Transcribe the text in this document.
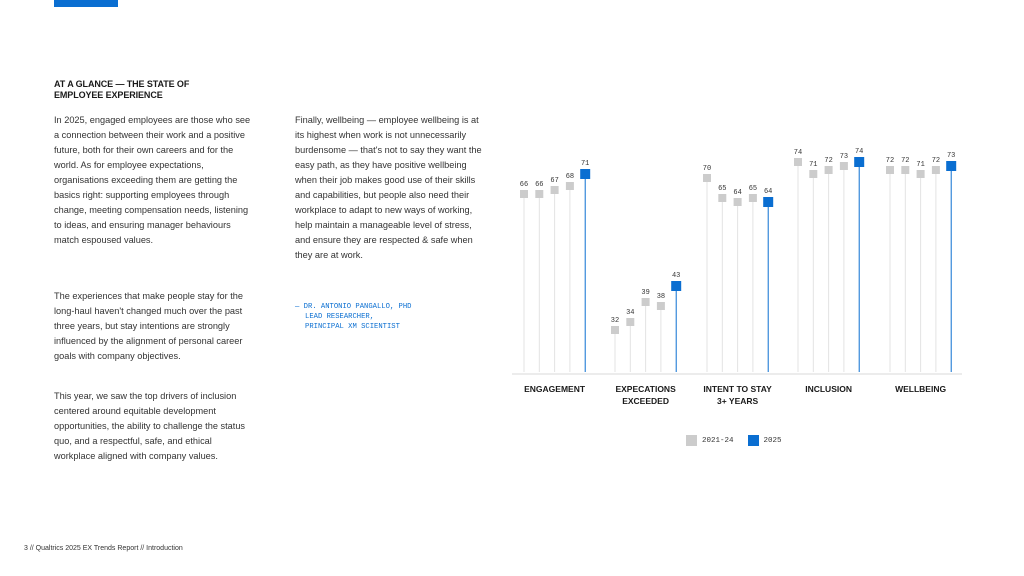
AT A GLANCE — THE STATE OF EMPLOYEE EXPERIENCE
In 2025, engaged employees are those who see a connection between their work and a positive future, both for their own careers and for the world. As for employee expectations, organisations exceeding them are getting the basics right: supporting employees through change, meeting compensation needs, listening to ideas, and ensuring manager behaviours match espoused values.
The experiences that make people stay for the long-haul haven't changed much over the past three years, but stay intentions are strongly influenced by the alignment of personal career goals with company objectives.
This year, we saw the top drivers of inclusion centered around equitable development opportunities, the ability to challenge the status quo, and a respectful, safe, and ethical workplace aligned with company values.
Finally, wellbeing — employee wellbeing is at its highest when work is not unnecessarily burdensome — that's not to say they want the easy path, as they have positive wellbeing when their job makes good use of their skills and capabilities, but people also need their workplace to adapt to new ways of working, help maintain a manageable level of stress, and ensure they are respected & safe when they are at work.
— DR. ANTONIO PANGALLO, PHD
LEAD RESEARCHER,
PRINCIPAL XM SCIENTIST
66 66 67 68
71
ENGAGEMENT
32
34
39 38
43
EXPECATIONS
EXCEEDED
70
65 64 65 64
INTENT TO STAY
3+ YEARS
74
71 72 73
74
INCLUSION
72 72 71 72
73
WELLBEING
2021-24	2025
3 // Qualtrics 2025 EX Trends Report // Introduction
